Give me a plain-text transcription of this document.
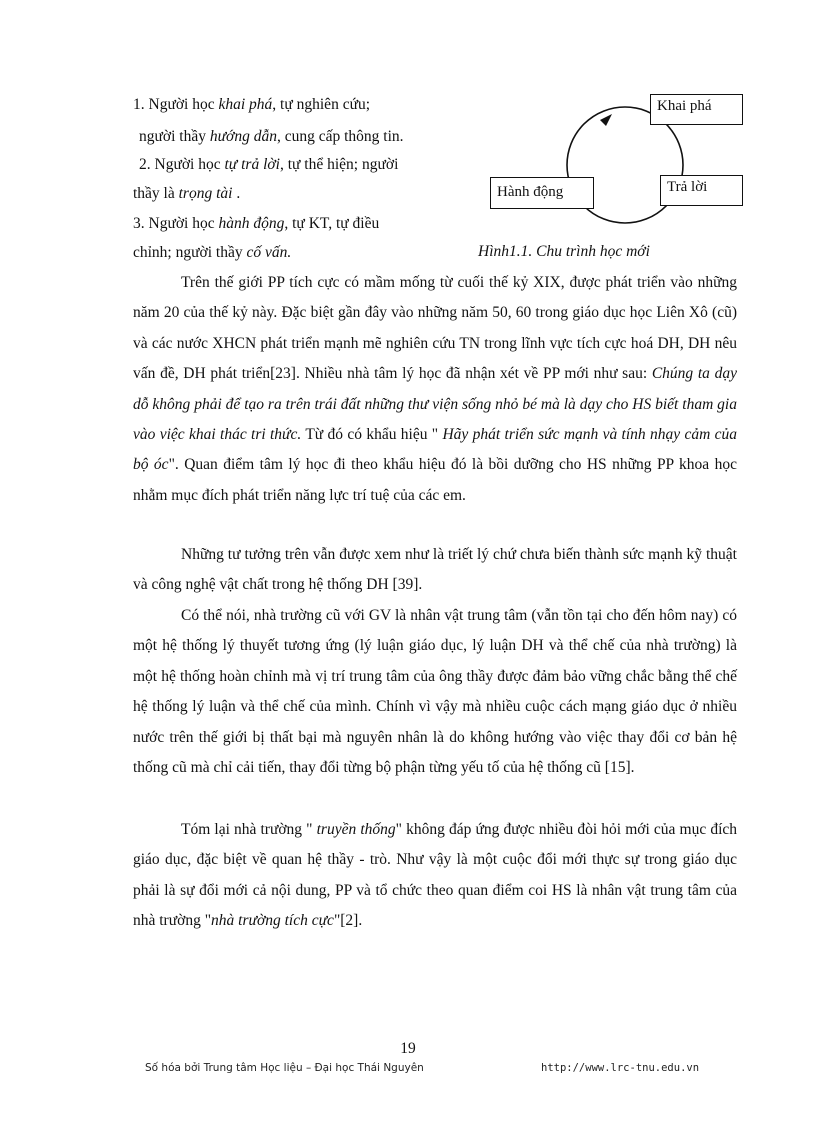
1. Người học khai phá, tự nghiên cứu;
người thầy hướng dẫn, cung cấp thông tin.
2. Người học tự trả lời, tự thể hiện; người
thầy là trọng tài .
3. Người học hành động, tự KT, tự điều
chỉnh; người thầy cố vấn.
Khai phá
Trả lời
Hành động
Hình1.1. Chu trình học mới

Trên thế giới PP tích cực có mầm mống từ cuối thế kỷ XIX, được phát triển vào những năm 20 của thế kỷ này. Đặc biệt gần đây vào những năm 50, 60 trong giáo dục học Liên Xô (cũ) và các nước XHCN phát triển mạnh mẽ nghiên cứu TN trong lĩnh vực tích cực hoá DH, DH nêu vấn đề, DH phát triển[23]. Nhiều nhà tâm lý học đã nhận xét về PP mới như sau: Chúng ta dạy dỗ không phải để tạo ra trên trái đất những thư viện sống nhỏ bé mà là dạy cho HS biết tham gia vào việc khai thác tri thức. Từ đó có khẩu hiệu " Hãy phát triển sức mạnh và tính nhạy cảm của bộ óc". Quan điểm tâm lý học đi theo khẩu hiệu đó là bồi dưỡng cho HS những PP khoa học nhằm mục đích phát triển năng lực trí tuệ của các em.

Những tư tưởng trên vẫn được xem như là triết lý chứ chưa biến thành sức mạnh kỹ thuật và công nghệ vật chất trong hệ thống DH [39].

Có thể nói, nhà trường cũ với GV là nhân vật trung tâm (vẫn tồn tại cho đến hôm nay) có một hệ thống lý thuyết tương ứng (lý luận giáo dục, lý luận DH và thể chế của nhà trường) là một hệ thống hoàn chỉnh mà vị trí trung tâm của ông thầy được đảm bảo vững chắc bằng thể chế hệ thống lý luận và thể chế của mình. Chính vì vậy mà nhiều cuộc cách mạng giáo dục ở nhiều nước trên thế giới bị thất bại mà nguyên nhân là do không hướng vào việc thay đổi cơ bản hệ thống cũ mà chỉ cải tiến, thay đổi từng bộ phận từng yếu tố của hệ thống cũ [15].

Tóm lại nhà trường " truyền thống" không đáp ứng được nhiều đòi hỏi mới của mục đích giáo dục, đặc biệt về quan hệ thầy - trò. Như vậy là một cuộc đổi mới thực sự trong giáo dục phải là sự đổi mới cả nội dung, PP và tổ chức theo quan điểm coi HS là nhân vật trung tâm của nhà trường "nhà trường tích cực"[2].

19
Số hóa bởi Trung tâm Học liệu – Đại học Thái Nguyên	http://www.lrc-tnu.edu.vn
